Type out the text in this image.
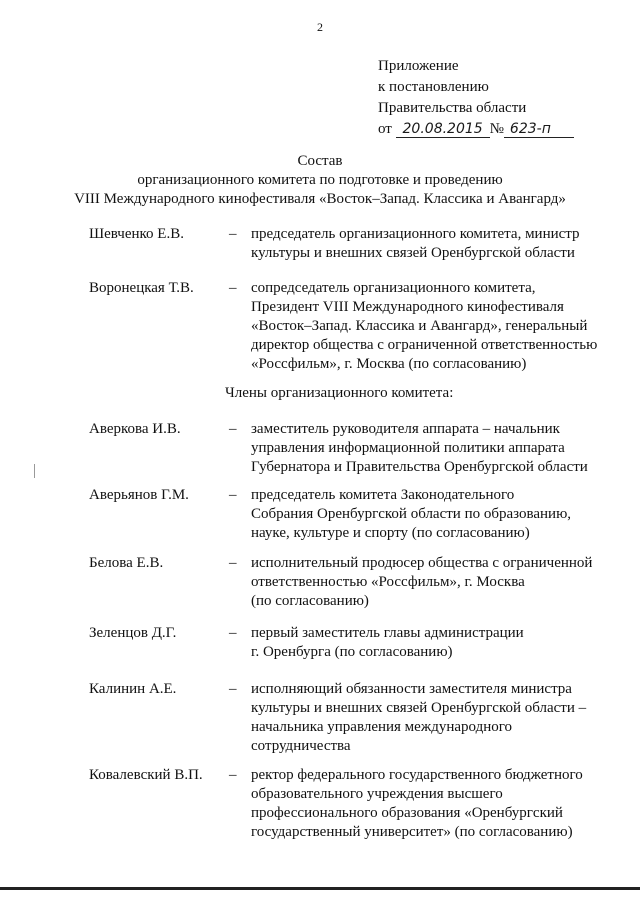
2
Приложение
к постановлению
Правительства области
от 20.08.2015 № 623-п
Состав
организационного комитета по подготовке и проведению
VIII Международного кинофестиваля «Восток–Запад. Классика и Авангард»
Шевченко Е.В.	– председатель организационного комитета, министр
культуры и внешних связей Оренбургской области
Воронецкая Т.В. – сопредседатель организационного комитета,
Президент VIII Международного кинофестиваля
«Восток–Запад. Классика и Авангард», генеральный
директор общества с ограниченной ответственностью
«Россфильм», г. Москва (по согласованию)
Аверкова И.В.	– заместитель руководителя аппарата – начальник
управления информационной политики аппарата
Губернатора и Правительства Оренбургской области
Аверьянов Г.М.	– председатель комитета Законодательного
Собрания Оренбургской области по образованию,
науке, культуре и спорту (по согласованию)
Белова Е.В.	– исполнительный продюсер общества с ограниченной
ответственностью «Россфильм», г. Москва
(по согласованию)
Зеленцов Д.Г.	– первый заместитель главы администрации
г. Оренбурга (по согласованию)
Калинин А.Е.	– исполняющий обязанности заместителя министра
культуры и внешних связей Оренбургской области –
начальника управления международного
сотрудничества
Ковалевский В.П. – ректор федерального государственного бюджетного
образовательного учреждения высшего
профессионального образования «Оренбургский
государственный университет» (по согласованию)
Члены организационного комитета:
